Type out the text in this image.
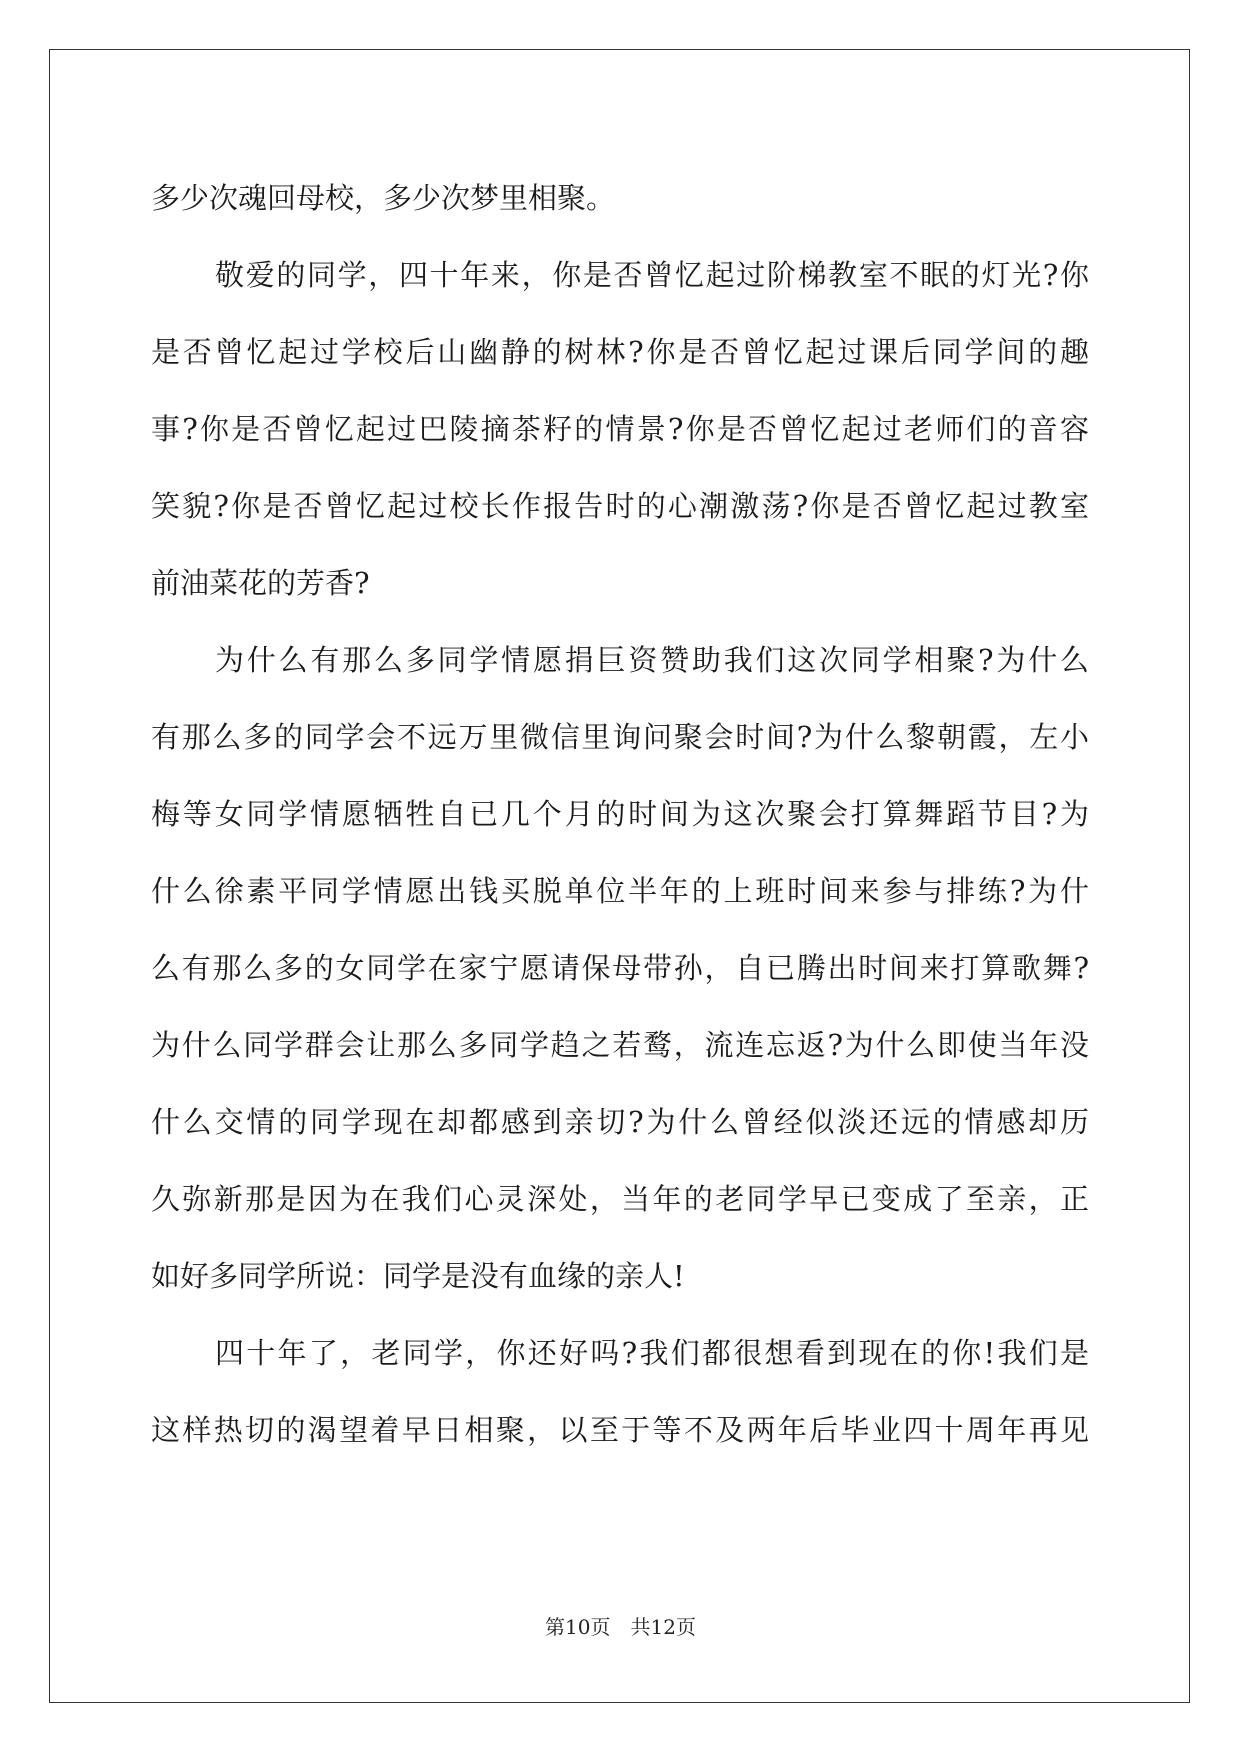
多少次魂回母校，多少次梦里相聚。
敬爱的同学，四十年来，你是否曾忆起过阶梯教室不眠的灯光?你
是否曾忆起过学校后山幽静的树林?你是否曾忆起过课后同学间的趣
事?你是否曾忆起过巴陵摘茶籽的情景?你是否曾忆起过老师们的音容
笑貌?你是否曾忆起过校长作报告时的心潮激荡?你是否曾忆起过教室
前油菜花的芳香?
为什么有那么多同学情愿捐巨资赞助我们这次同学相聚?为什么
有那么多的同学会不远万里微信里询问聚会时间?为什么黎朝霞，左小
梅等女同学情愿牺牲自已几个月的时间为这次聚会打算舞蹈节目?为
什么徐素平同学情愿出钱买脱单位半年的上班时间来参与排练?为什
么有那么多的女同学在家宁愿请保母带孙，自已腾出时间来打算歌舞?
为什么同学群会让那么多同学趋之若鹜，流连忘返?为什么即使当年没
什么交情的同学现在却都感到亲切?为什么曾经似淡还远的情感却历
久弥新那是因为在我们心灵深处，当年的老同学早已变成了至亲，正
如好多同学所说：同学是没有血缘的亲人!
四十年了，老同学，你还好吗?我们都很想看到现在的你!我们是
这样热切的渴望着早日相聚，以至于等不及两年后毕业四十周年再见
第10页 共12页
